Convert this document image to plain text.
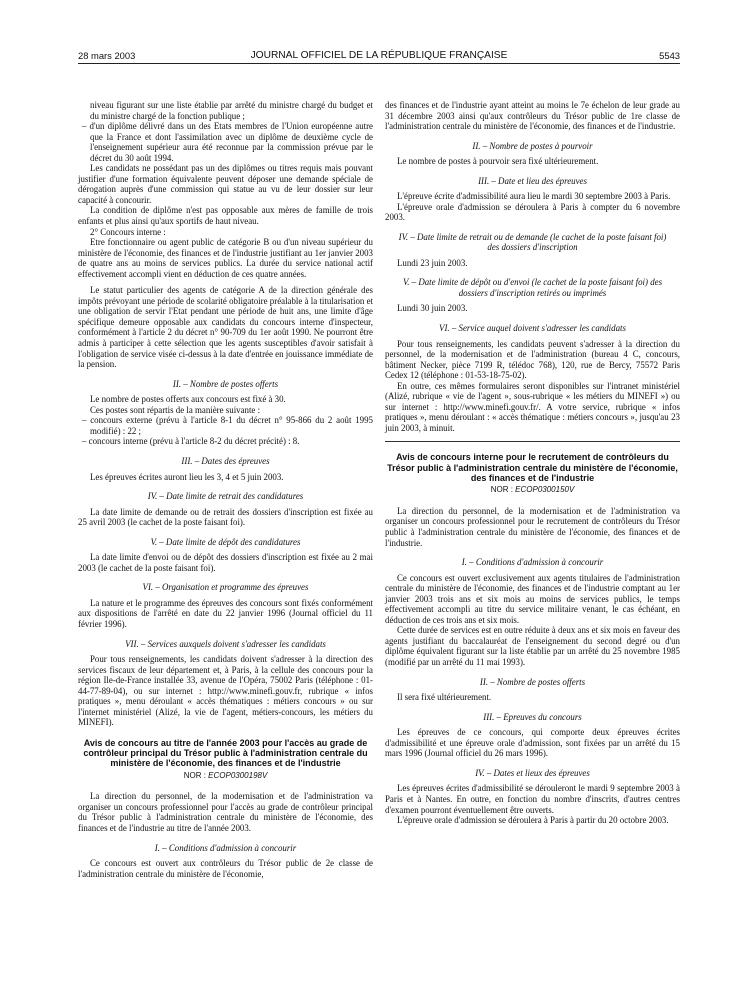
28 mars 2003	JOURNAL OFFICIEL DE LA RÉPUBLIQUE FRANÇAISE	5543

niveau figurant sur une liste établie par arrêté du ministre chargé du budget et du ministre chargé de la fonction publique ;

– d'un diplôme délivré dans un des Etats membres de l'Union européenne autre que la France et dont l'assimilation avec un diplôme de deuxième cycle de l'enseignement supérieur aura été reconnue par la commission prévue par le décret du 30 août 1994.

Les candidats ne possédant pas un des diplômes ou titres requis mais pouvant justifier d'une formation équivalente peuvent déposer une demande spéciale de dérogation auprès d'une commission qui statue au vu de leur dossier sur leur capacité à concourir.

La condition de diplôme n'est pas opposable aux mères de famille de trois enfants et plus ainsi qu'aux sportifs de haut niveau.

2° Concours interne :

Etre fonctionnaire ou agent public de catégorie B ou d'un niveau supérieur du ministère de l'économie, des finances et de l'industrie justifiant au 1er janvier 2003 de quatre ans au moins de services publics. La durée du service national actif effectivement accompli vient en déduction de ces quatre années.

Le statut particulier des agents de catégorie A de la direction générale des impôts prévoyant une période de scolarité obligatoire préalable à la titularisation et une obligation de servir l'Etat pendant une période de huit ans, une limite d'âge spécifique demeure opposable aux candidats du concours interne d'inspecteur, conformément à l'article 2 du décret n° 90-709 du 1er août 1990. Ne pourront être admis à participer à cette sélection que les agents susceptibles d'avoir satisfait à l'obligation de service visée ci-dessus à la date d'entrée en jouissance immédiate de la pension.

II. – Nombre de postes offerts

Le nombre de postes offerts aux concours est fixé à 30.

Ces postes sont répartis de la manière suivante :

– concours externe (prévu à l'article 8-1 du décret n° 95-866 du 2 août 1995 modifié) : 22 ;

– concours interne (prévu à l'article 8-2 du décret précité) : 8.

III. – Dates des épreuves

Les épreuves écrites auront lieu les 3, 4 et 5 juin 2003.

IV. – Date limite de retrait des candidatures

La date limite de demande ou de retrait des dossiers d'inscription est fixée au 25 avril 2003 (le cachet de la poste faisant foi).

V. – Date limite de dépôt des candidatures

La date limite d'envoi ou de dépôt des dossiers d'inscription est fixée au 2 mai 2003 (le cachet de la poste faisant foi).

VI. – Organisation et programme des épreuves

La nature et le programme des épreuves des concours sont fixés conformément aux dispositions de l'arrêté en date du 22 janvier 1996 (Journal officiel du 11 février 1996).

VII. – Services auxquels doivent s'adresser les candidats

Pour tous renseignements, les candidats doivent s'adresser à la direction des services fiscaux de leur département et, à Paris, à la cellule des concours pour la région Ile-de-France installée 33, avenue de l'Opéra, 75002 Paris (téléphone : 01-44-77-89-04), ou sur internet : http://www.minefi.gouv.fr, rubrique « infos pratiques », menu déroulant « accès thématiques : métiers concours » ou sur l'internet ministériel (Alizé, la vie de l'agent, métiers-concours, les métiers du MINEFI).

Avis de concours au titre de l'année 2003 pour l'accès au grade de contrôleur principal du Trésor public à l'administration centrale du ministère de l'économie, des finances et de l'industrie
NOR : ECOP0300198V

La direction du personnel, de la modernisation et de l'administration va organiser un concours professionnel pour l'accès au grade de contrôleur principal du Trésor public à l'administration centrale du ministère de l'économie, des finances et de l'industrie au titre de l'année 2003.

I. – Conditions d'admission à concourir

Ce concours est ouvert aux contrôleurs du Trésor public de 2e classe de l'administration centrale du ministère de l'économie,

des finances et de l'industrie ayant atteint au moins le 7e échelon de leur grade au 31 décembre 2003 ainsi qu'aux contrôleurs du Trésor public de 1re classe de l'administration centrale du ministère de l'économie, des finances et de l'industrie.

II. – Nombre de postes à pourvoir

Le nombre de postes à pourvoir sera fixé ultérieurement.

III. – Date et lieu des épreuves

L'épreuve écrite d'admissibilité aura lieu le mardi 30 septembre 2003 à Paris.

L'épreuve orale d'admission se déroulera à Paris à compter du 6 novembre 2003.

IV. – Date limite de retrait ou de demande (le cachet de la poste faisant foi) des dossiers d'inscription

Lundi 23 juin 2003.

V. – Date limite de dépôt ou d'envoi (le cachet de la poste faisant foi) des dossiers d'inscription retirés ou imprimés

Lundi 30 juin 2003.

VI. – Service auquel doivent s'adresser les candidats

Pour tous renseignements, les candidats peuvent s'adresser à la direction du personnel, de la modernisation et de l'administration (bureau 4 C, concours, bâtiment Necker, pièce 7199 R, télédoc 768), 120, rue de Bercy, 75572 Paris Cedex 12 (téléphone : 01-53-18-75-02).

En outre, ces mêmes formulaires seront disponibles sur l'intranet ministériel (Alizé, rubrique « vie de l'agent », sous-rubrique « les métiers du MINEFI ») ou sur internet : http://www.minefi.gouv.fr/. A votre service, rubrique « infos pratiques », menu déroulant : « accès thématique : métiers concours », jusqu'au 23 juin 2003, à minuit.

Avis de concours interne pour le recrutement de contrôleurs du Trésor public à l'administration centrale du ministère de l'économie, des finances et de l'industrie
NOR : ECOP0300150V

La direction du personnel, de la modernisation et de l'administration va organiser un concours professionnel pour le recrutement de contrôleurs du Trésor public à l'administration centrale du ministère de l'économie, des finances et de l'industrie.

I. – Conditions d'admission à concourir

Ce concours est ouvert exclusivement aux agents titulaires de l'administration centrale du ministère de l'économie, des finances et de l'industrie comptant au 1er janvier 2003 trois ans et six mois au moins de services publics, le temps effectivement accompli au titre du service militaire venant, le cas échéant, en déduction de ces trois ans et six mois.

Cette durée de services est en outre réduite à deux ans et six mois en faveur des agents justifiant du baccalauréat de l'enseignement du second degré ou d'un diplôme équivalent figurant sur la liste établie par un arrêté du 25 novembre 1985 (modifié par un arrêté du 11 mai 1993).

II. – Nombre de postes offerts

Il sera fixé ultérieurement.

III. – Epreuves du concours

Les épreuves de ce concours, qui comporte deux épreuves écrites d'admissibilité et une épreuve orale d'admission, sont fixées par un arrêté du 15 mars 1996 (Journal officiel du 26 mars 1996).

IV. – Dates et lieux des épreuves

Les épreuves écrites d'admissibilité se dérouleront le mardi 9 septembre 2003 à Paris et à Nantes. En outre, en fonction du nombre d'inscrits, d'autres centres d'examen pourront éventuellement être ouverts.

L'épreuve orale d'admission se déroulera à Paris à partir du 20 octobre 2003.
